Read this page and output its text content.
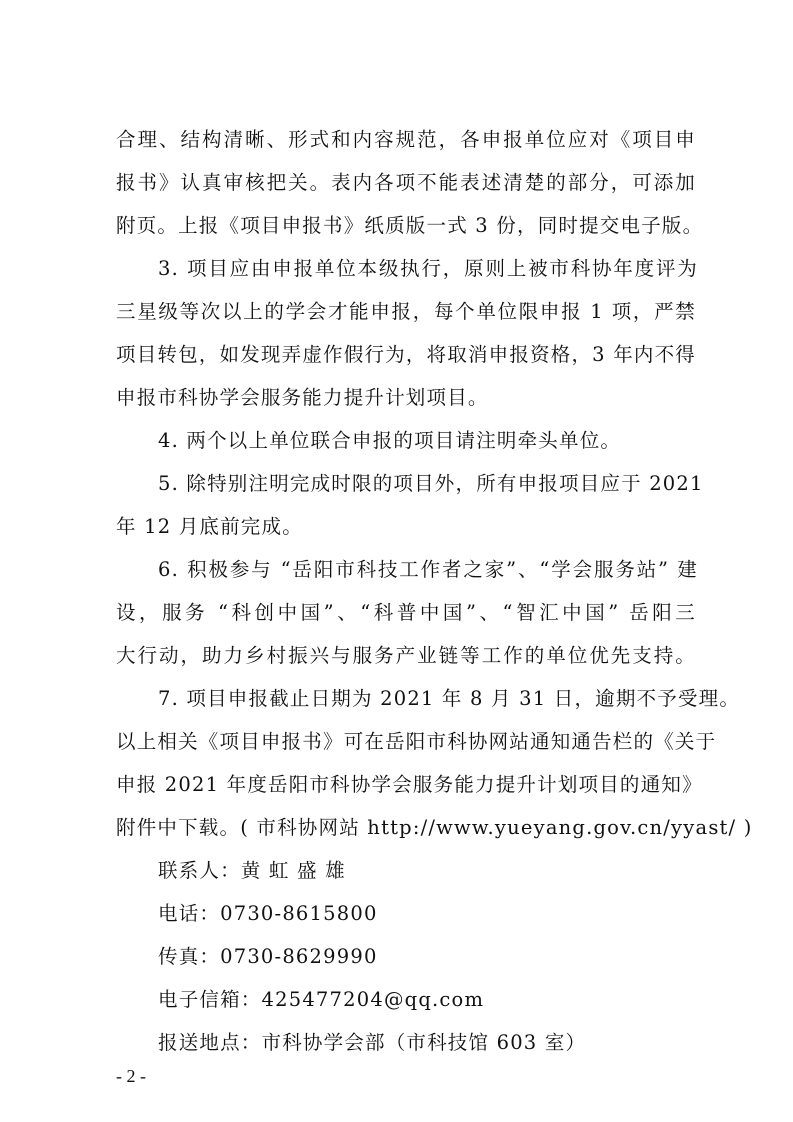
合理、结构清晰、形式和内容规范，各申报单位应对《项目申
报书》认真审核把关。表内各项不能表述清楚的部分，可添加
附页。上报《项目申报书》纸质版一式 3 份，同时提交电子版。
3. 项目应由申报单位本级执行，原则上被市科协年度评为
三星级等次以上的学会才能申报，每个单位限申报 1 项，严禁
项目转包，如发现弄虚作假行为，将取消申报资格，3 年内不得
申报市科协学会服务能力提升计划项目。
4. 两个以上单位联合申报的项目请注明牵头单位。
5. 除特别注明完成时限的项目外，所有申报项目应于 2021
年 12 月底前完成。
6. 积极参与 “岳阳市科技工作者之家”、“学会服务站” 建
设，服务 “科创中国”、“科普中国”、“智汇中国” 岳阳三
大行动，助力乡村振兴与服务产业链等工作的单位优先支持。
7. 项目申报截止日期为 2021 年 8 月 31 日，逾期不予受理。
以上相关《项目申报书》可在岳阳市科协网站通知通告栏的《关于
申报 2021 年度岳阳市科协学会服务能力提升计划项目的通知》
附件中下载。( 市科协网站 http://www.yueyang.gov.cn/yyast/ )
联系人：黄 虹 盛 雄
电话：0730-8615800
传真：0730-8629990
电子信箱：425477204@qq.com
报送地点：市科协学会部（市科技馆 603 室）
- 2 -
